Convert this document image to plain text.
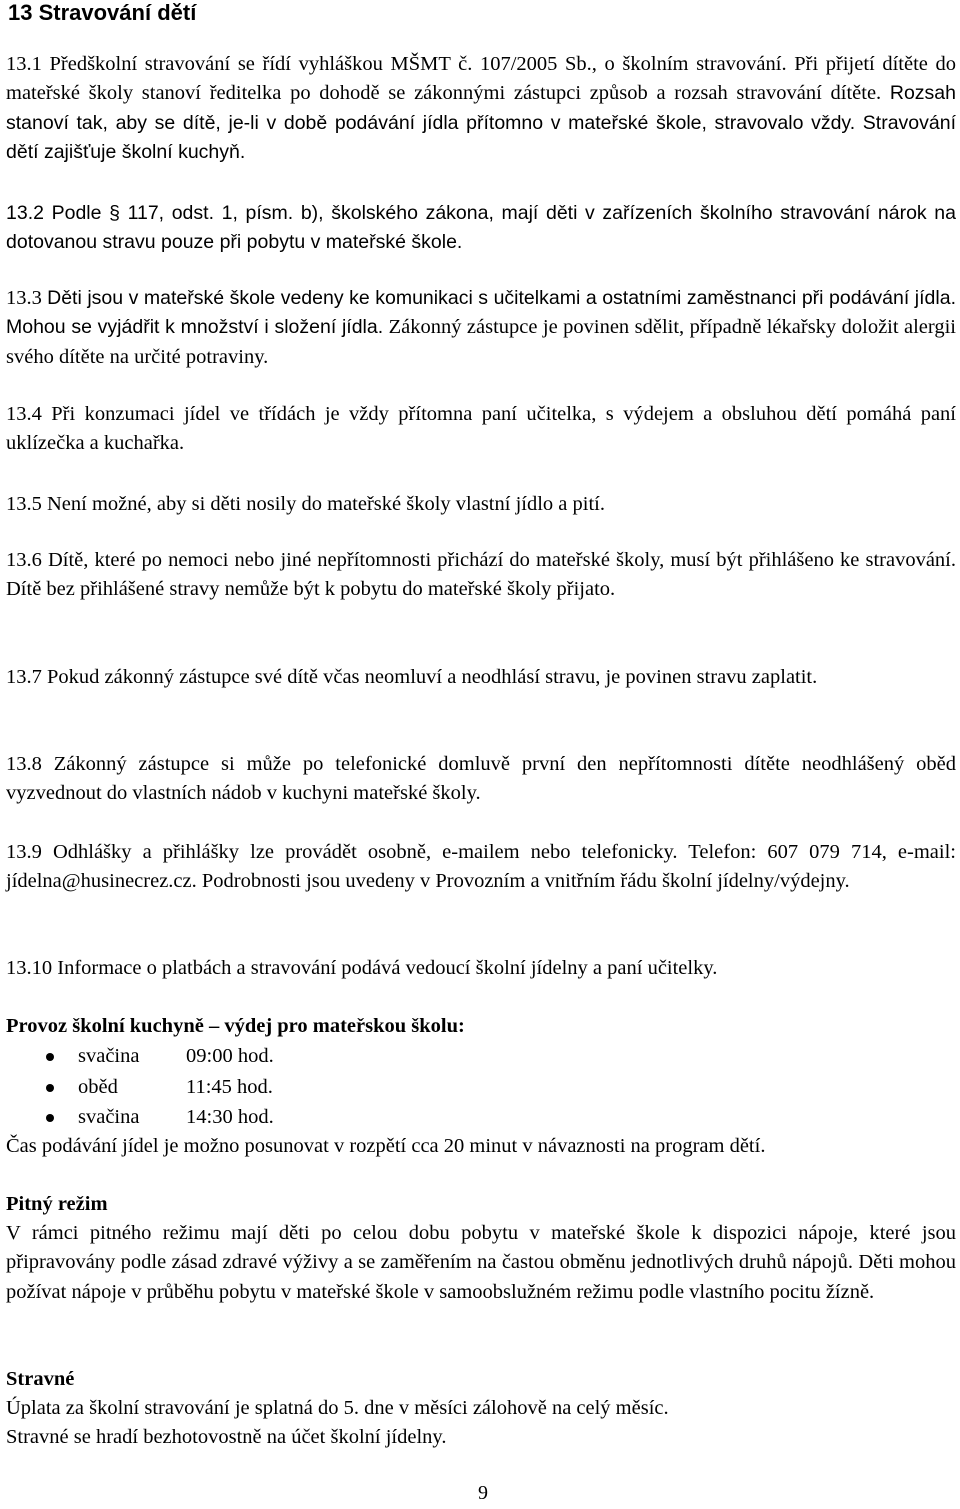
13 Stravování dětí
13.1 Předškolní stravování se řídí vyhláškou MŠMT č. 107/2005 Sb., o školním stravování. Při přijetí dítěte do mateřské školy stanoví ředitelka po dohodě se zákonnými zástupci způsob a rozsah stravování dítěte. Rozsah stanoví tak, aby se dítě, je-li v době podávání jídla přítomno v mateřské škole, stravovalo vždy. Stravování dětí zajišťuje školní kuchyň.
13.2 Podle § 117, odst. 1, písm. b), školského zákona, mají děti v zařízeních školního stravování nárok na dotovanou stravu pouze při pobytu v mateřské škole.
13.3 Děti jsou v mateřské škole vedeny ke komunikaci s učitelkami a ostatními zaměstnanci při podávání jídla. Mohou se vyjádřit k množství i složení jídla. Zákonný zástupce je povinen sdělit, případně lékařsky doložit alergii svého dítěte na určité potraviny.
13.4 Při konzumaci jídel ve třídách je vždy přítomna paní učitelka, s výdejem a obsluhou dětí pomáhá paní uklízečka a kuchařka.
13.5 Není možné, aby si děti nosily do mateřské školy vlastní jídlo a pití.
13.6 Dítě, které po nemoci nebo jiné nepřítomnosti přichází do mateřské školy, musí být přihlášeno ke stravování. Dítě bez přihlášené stravy nemůže být k pobytu do mateřské školy přijato.
13.7 Pokud zákonný zástupce své dítě včas neomluví a neodhlásí stravu, je povinen stravu zaplatit.
13.8 Zákonný zástupce si může po telefonické domluvě první den nepřítomnosti dítěte neodhlášený oběd vyzvednout do vlastních nádob v kuchyni mateřské školy.
13.9 Odhlášky a přihlášky lze provádět osobně, e-mailem nebo telefonicky. Telefon: 607 079 714, e-mail: jídelna@husinecrez.cz. Podrobnosti jsou uvedeny v Provozním a vnitřním řádu školní jídelny/výdejny.
13.10 Informace o platbách a stravování podává vedoucí školní jídelny a paní učitelky.
Provoz školní kuchyně – výdej pro mateřskou školu:
svačina 09:00 hod.
oběd	11:45 hod.
svačina 14:30 hod.
Čas podávání jídel je možno posunovat v rozpětí cca 20 minut v návaznosti na program dětí.
Pitný režim
V rámci pitného režimu mají děti po celou dobu pobytu v mateřské škole k dispozici nápoje, které jsou připravovány podle zásad zdravé výživy a se zaměřením na častou obměnu jednotlivých druhů nápojů. Děti mohou požívat nápoje v průběhu pobytu v mateřské škole v samoobslužném režimu podle vlastního pocitu žízně.
Stravné
Úplata za školní stravování je splatná do 5. dne v měsíci zálohově na celý měsíc.
Stravné se hradí bezhotovostně na účet školní jídelny.
9
